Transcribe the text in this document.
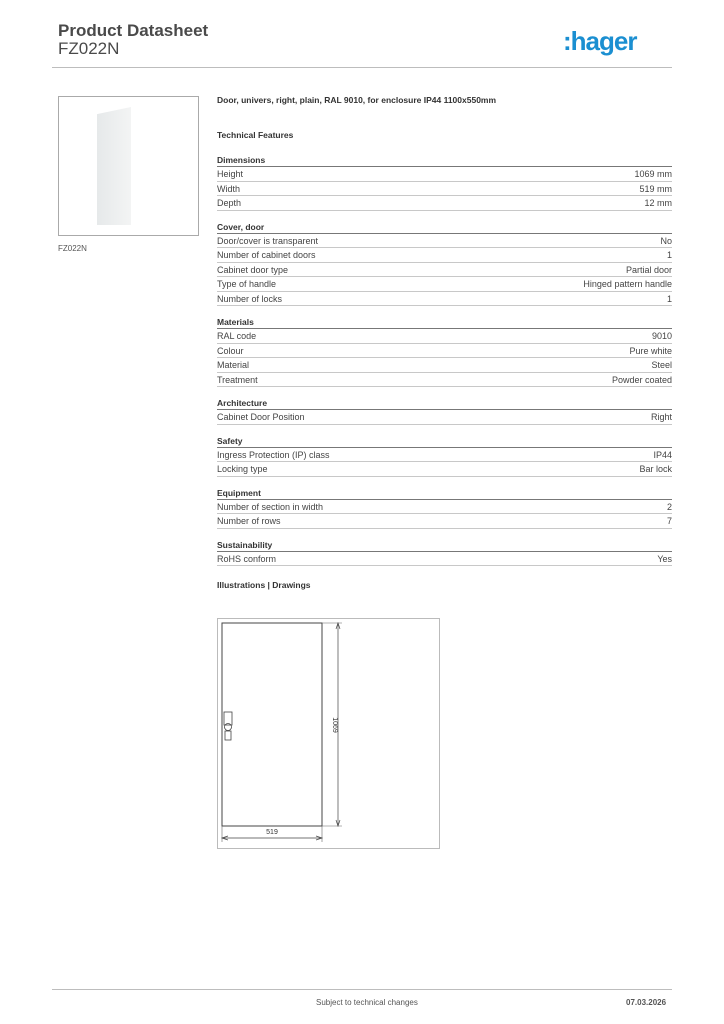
Product Datasheet
FZ022N	:hager
FZ022N
Door, univers, right, plain, RAL 9010, for enclosure IP44 1100x550mm
Technical Features
Dimensions
Height	1069 mm
Width	519 mm
Depth	12 mm
Cover, door
Door/cover is transparent	No
Number of cabinet doors	1
Cabinet door type	Partial door
Type of handle	Hinged pattern handle
Number of locks	1
Materials
RAL code	9010
Colour	Pure white
Material	Steel
Treatment	Powder coated
Architecture
Cabinet Door Position	Right
Safety
Ingress Protection (IP) class	IP44
Locking type	Bar lock
Equipment
Number of section in width	2
Number of rows	7
Sustainability
RoHS conform	Yes
Illustrations | Drawings
519
1069
Subject to technical changes	07.03.2026
